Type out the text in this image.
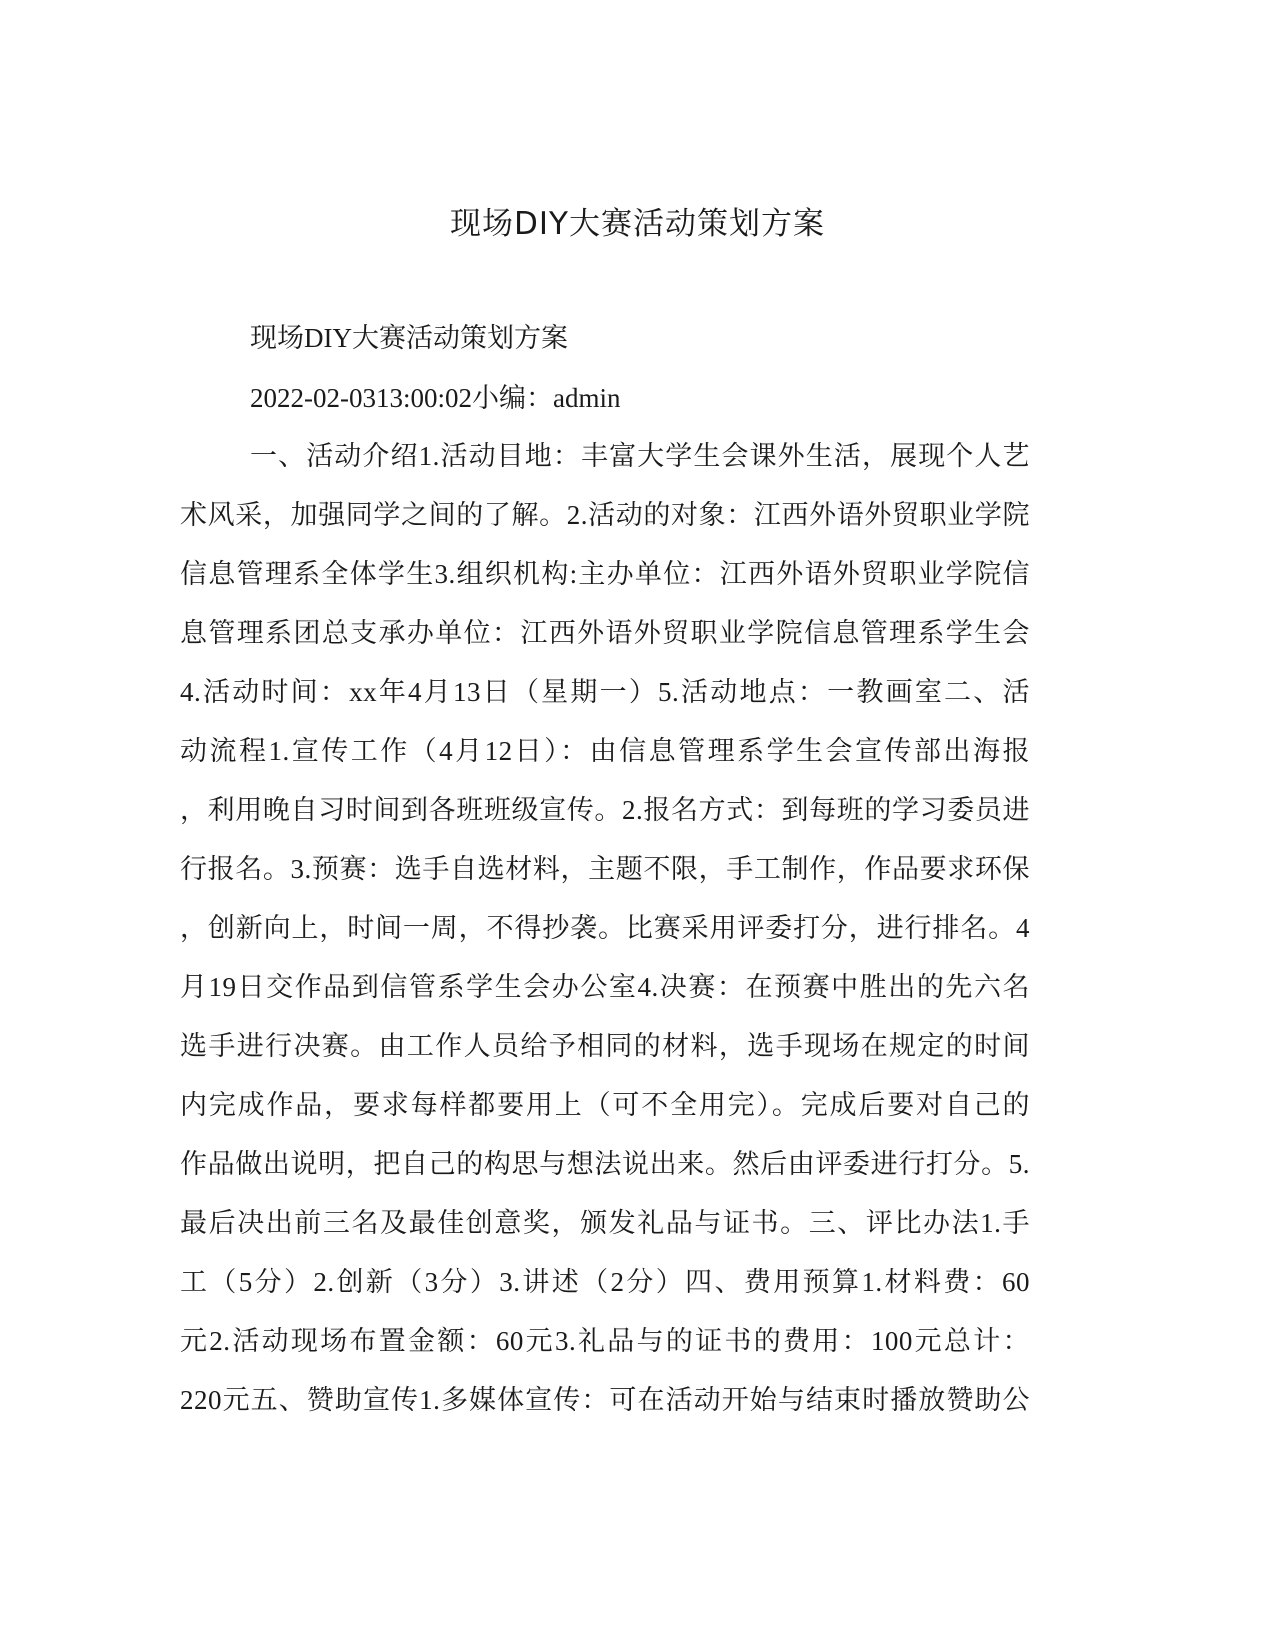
现场DIY大赛活动策划方案

现场DIY大赛活动策划方案

2022-02-0313:00:02小编：admin

一、活动介绍1.活动目地：丰富大学生会课外生活，展现个人艺
术风采，加强同学之间的了解。2.活动的对象：江西外语外贸职业学院
信息管理系全体学生3.组织机构:主办单位：江西外语外贸职业学院信
息管理系团总支承办单位：江西外语外贸职业学院信息管理系学生会
4.活动时间：xx年4月13日（星期一）5.活动地点：一教画室二、活
动流程1.宣传工作（4月12日）：由信息管理系学生会宣传部出海报
，利用晚自习时间到各班班级宣传。2.报名方式：到每班的学习委员进
行报名。3.预赛：选手自选材料，主题不限，手工制作，作品要求环保
，创新向上，时间一周，不得抄袭。比赛采用评委打分，进行排名。4
月19日交作品到信管系学生会办公室4.决赛：在预赛中胜出的先六名
选手进行决赛。由工作人员给予相同的材料，选手现场在规定的时间
内完成作品，要求每样都要用上（可不全用完）。完成后要对自己的
作品做出说明，把自己的构思与想法说出来。然后由评委进行打分。5.
最后决出前三名及最佳创意奖，颁发礼品与证书。三、评比办法1.手
工（5分）2.创新（3分）3.讲述（2分）四、费用预算1.材料费：60
元2.活动现场布置金额：60元3.礼品与的证书的费用：100元总计：
220元五、赞助宣传1.多媒体宣传：可在活动开始与结束时播放赞助公
